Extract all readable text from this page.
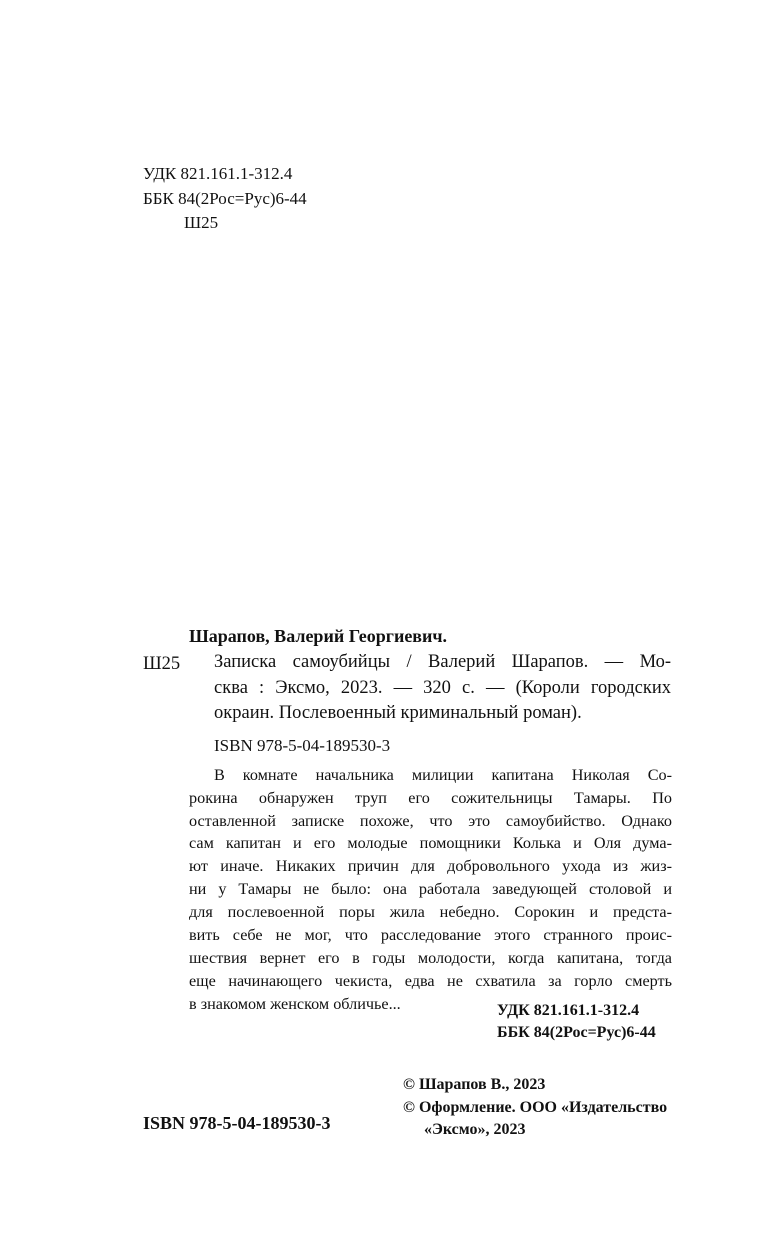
УДК 821.161.1-312.4
ББК 84(2Рос=Рус)6-44
Ш25
Шарапов, Валерий Георгиевич.
Ш25 Записка самоубийцы / Валерий Шарапов. — Мо-
сква : Эксмо, 2023. — 320 с. — (Короли городских
окраин. Послевоенный криминальный роман).
ISBN 978-5-04-189530-3
В комнате начальника милиции капитана Николая Со-
рокина обнаружен труп его сожительницы Тамары. По
оставленной записке похоже, что это самоубийство. Однако
сам капитан и его молодые помощники Колька и Оля дума-
ют иначе. Никаких причин для добровольного ухода из жиз-
ни у Тамары не было: она работала заведующей столовой и
для послевоенной поры жила небедно. Сорокин и предста-
вить себе не мог, что расследование этого странного проис-
шествия вернет его в годы молодости, когда капитана, тогда
еще начинающего чекиста, едва не схватила за горло смерть
в знакомом женском обличье...	УДК 821.161.1-312.4
ББК 84(2Рос=Рус)6-44
© Шарапов В., 2023
© Оформление. ООО «Издательство
«Эксмо», 2023
ISBN 978-5-04-189530-3
